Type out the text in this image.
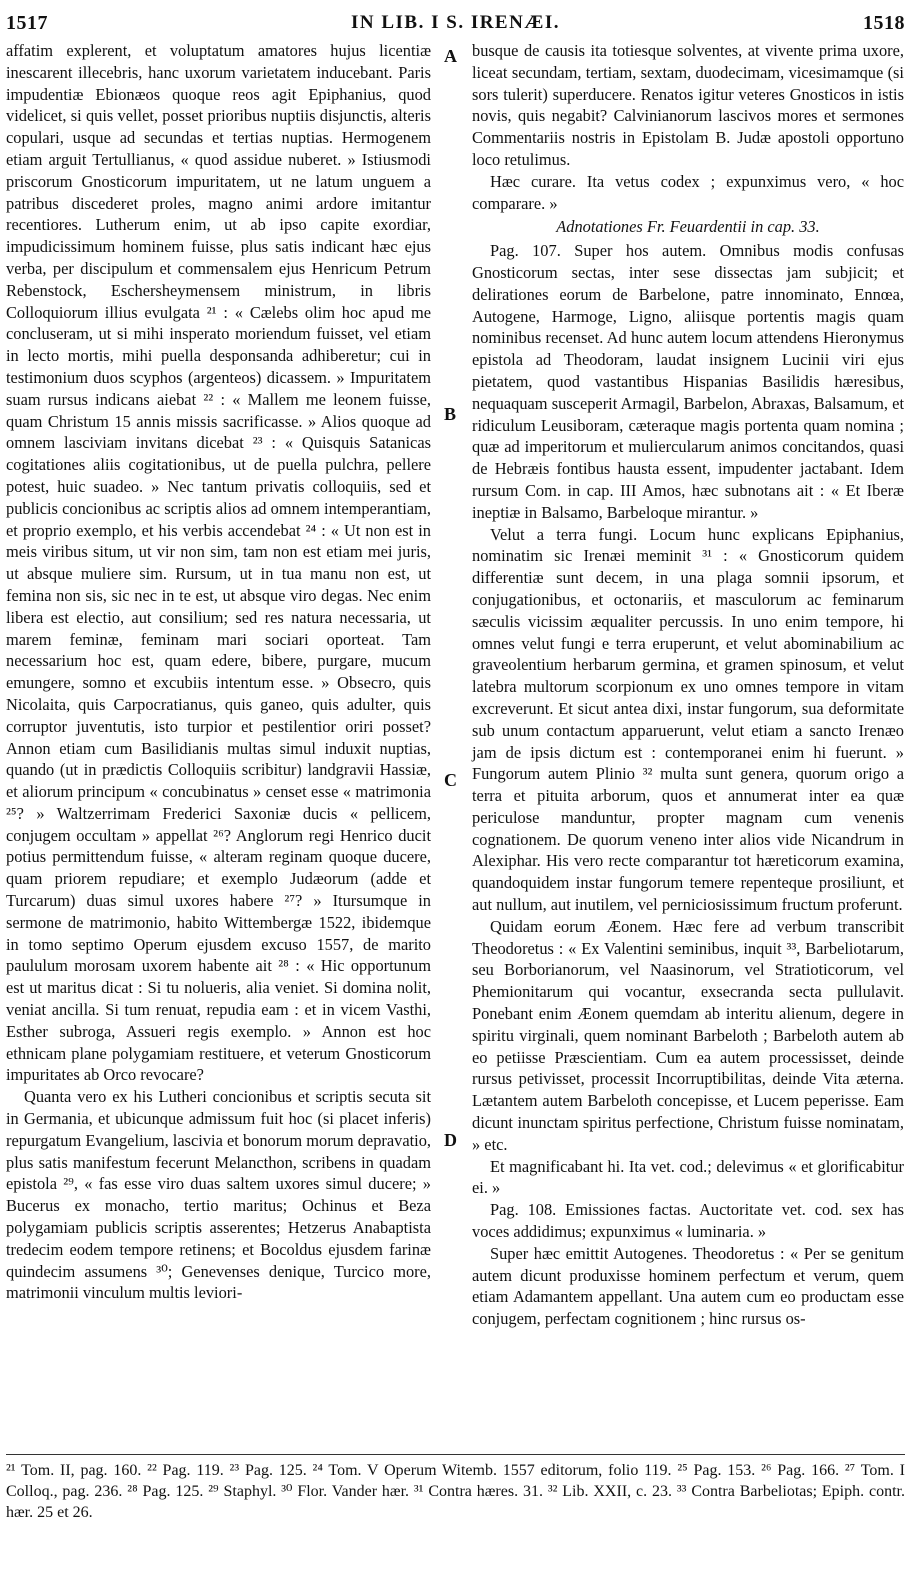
1517	IN LIB. I S. IRENÆI.	1518

affatim explerent, et voluptatum amatores hujus licentiæ inescarent illecebris, hanc uxorum varietatem inducebant. Paris impudentiæ Ebionæos quoque reos agit Epiphanius, quod videlicet, si quis vellet, posset prioribus nuptiis disjunctis, alteris copulari, usque ad secundas et tertias nuptias. Hermogenem etiam arguit Tertullianus, « quod assidue nuberet. » Istiusmodi priscorum Gnosticorum impuritatem, ut ne latum unguem a patribus discederet proles, magno animi ardore imitantur recentiores. Lutherum enim, ut ab ipso capite exordiar, impudicissimum hominem fuisse, plus satis indicant hæc ejus verba, per discipulum et commensalem ejus Henricum Petrum Rebenstock, Eschersheymensem ministrum, in libris Colloquiorum illius evulgata ²¹ : « Cælebs olim hoc apud me concluseram, ut si mihi insperato moriendum fuisset, vel etiam in lecto mortis, mihi puella desponsanda adhiberetur; cui in testimonium duos scyphos (argenteos) dicassem. » Impuritatem suam rursus indicans aiebat ²² : « Mallem me leonem fuisse, quam Christum 15 annis missis sacrificasse. » Alios quoque ad omnem lasciviam invitans dicebat ²³ : « Quisquis Satanicas cogitationes aliis cogitationibus, ut de puella pulchra, pellere potest, huic suadeo. » Nec tantum privatis colloquiis, sed et publicis concionibus ac scriptis alios ad omnem intemperantiam, et proprio exemplo, et his verbis accendebat ²⁴ : « Ut non est in meis viribus situm, ut vir non sim, tam non est etiam mei juris, ut absque muliere sim. Rursum, ut in tua manu non est, ut femina non sis, sic nec in te est, ut absque viro degas. Nec enim libera est electio, aut consilium; sed res natura necessaria, ut marem feminæ, feminam mari sociari oporteat. Tam necessarium hoc est, quam edere, bibere, purgare, mucum emungere, somno et excubiis intentum esse. » Obsecro, quis Nicolaita, quis Carpocratianus, quis ganeo, quis adulter, quis corruptor juventutis, isto turpior et pestilentior oriri posset? Annon etiam cum Basilidianis multas simul induxit nuptias, quando (ut in prædictis Colloquiis scribitur) landgravii Hassiæ, et aliorum principum « concubinatus » censet esse « matrimonia ²⁵? » Waltzerrimam Frederici Saxoniæ ducis « pellicem, conjugem occultam » appellat ²⁶? Anglorum regi Henrico ducit potius permittendum fuisse, « alteram reginam quoque ducere, quam priorem repudiare; et exemplo Judæorum (adde et Turcarum) duas simul uxores habere ²⁷? » Itursumque in sermone de matrimonio, habito Wittembergæ 1522, ibidemque in tomo septimo Operum ejusdem excuso 1557, de marito paululum morosam uxorem habente ait ²⁸ : « Hic opportunum est ut maritus dicat : Si tu nolueris, alia veniet. Si domina nolit, veniat ancilla. Si tum renuat, repudia eam : et in vicem Vasthi, Esther subroga, Assueri regis exemplo. » Annon est hoc ethnicam plane polygamiam restituere, et veterum Gnosticorum impuritates ab Orco revocare?

Quanta vero ex his Lutheri concionibus et scriptis secuta sit in Germania, et ubicunque admissum fuit hoc (si placet inferis) repurgatum Evangelium, lascivia et bonorum morum depravatio, plus satis manifestum fecerunt Melancthon, scribens in quadam epistola ²⁹, « fas esse viro duas saltem uxores simul ducere; » Bucerus ex monacho, tertio maritus; Ochinus et Beza polygamiam publicis scriptis asserentes; Hetzerus Anabaptista tredecim eodem tempore retinens; et Bocoldus ejusdem farinæ quindecim assumens ³⁰; Genevenses denique, Turcico more, matrimonii vinculum multis leviori-

A
B
C
D

busque de causis ita totiesque solventes, at vivente prima uxore, liceat secundam, tertiam, sextam, duodecimam, vicesimamque (si sors tulerit) superducere. Renatos igitur veteres Gnosticos in istis novis, quis negabit? Calvinianorum lascivos mores et sermones Commentariis nostris in Epistolam B. Judæ apostoli opportuno loco retulimus.

Hæc curare. Ita vetus codex ; expunximus vero, « hoc comparare. »

Adnotationes Fr. Feuardentii in cap. 33.

Pag. 107. Super hos autem. Omnibus modis confusas Gnosticorum sectas, inter sese dissectas jam subjicit; et delirationes eorum de Barbelone, patre innominato, Ennœa, Autogene, Harmoge, Ligno, aliisque portentis magis quam nominibus recenset. Ad hunc autem locum attendens Hieronymus epistola ad Theodoram, laudat insignem Lucinii viri ejus pietatem, quod vastantibus Hispanias Basilidis hæresibus, nequaquam susceperit Armagil, Barbelon, Abraxas, Balsamum, et ridiculum Leusiboram, cæteraque magis portenta quam nomina ; quæ ad imperitorum et muliercularum animos concitandos, quasi de Hebræis fontibus hausta essent, impudenter jactabant. Idem rursum Com. in cap. III Amos, hæc subnotans ait : « Et Iberæ ineptiæ in Balsamo, Barbeloque mirantur. »

Velut a terra fungi. Locum hunc explicans Epiphanius, nominatim sic Irenæi meminit ³¹ : « Gnosticorum quidem differentiæ sunt decem, in una plaga somnii ipsorum, et conjugationibus, et octonariis, et masculorum ac feminarum sæculis vicissim æqualiter percussis. In uno enim tempore, hi omnes velut fungi e terra eruperunt, et velut abominabilium ac graveolentium herbarum germina, et gramen spinosum, et velut latebra multorum scorpionum ex uno omnes tempore in vitam excreverunt. Et sicut antea dixi, instar fungorum, sua deformitate sub unum contactum apparuerunt, velut etiam a sancto Irenæo jam de ipsis dictum est : contemporanei enim hi fuerunt. » Fungorum autem Plinio ³² multa sunt genera, quorum origo a terra et pituita arborum, quos et annumerat inter ea quæ periculose manduntur, propter magnam cum venenis cognationem. De quorum veneno inter alios vide Nicandrum in Alexiphar. His vero recte comparantur tot hæreticorum examina, quandoquidem instar fungorum temere repenteque prosiliunt, et aut nullum, aut inutilem, vel perniciosissimum fructum proferunt.

Quidam eorum Æonem. Hæc fere ad verbum transcribit Theodoretus : « Ex Valentini seminibus, inquit ³³, Barbeliotarum, seu Borborianorum, vel Naasinorum, vel Stratioticorum, vel Phemionitarum qui vocantur, exsecranda secta pullulavit. Ponebant enim Æonem quemdam ab interitu alienum, degere in spiritu virginali, quem nominant Barbeloth ; Barbeloth autem ab eo petiisse Præscientiam. Cum ea autem processisset, deinde rursus petivisset, processit Incorruptibilitas, deinde Vita æterna. Lætantem autem Barbeloth concepisse, et Lucem peperisse. Eam dicunt inunctam spiritus perfectione, Christum fuisse nominatam, » etc.

Et magnificabant hi. Ita vet. cod.; delevimus « et glorificabitur ei. »

Pag. 108. Emissiones factas. Auctoritate vet. cod. sex has voces addidimus; expunximus « luminaria. »

Super hæc emittit Autogenes. Theodoretus : « Per se genitum autem dicunt produxisse hominem perfectum et verum, quem etiam Adamantem appellant. Una autem cum eo productam esse conjugem, perfectam cognitionem ; hinc rursus os-

²¹ Tom. II, pag. 160. ²² Pag. 119. ²³ Pag. 125. ²⁴ Tom. V Operum Witemb. 1557 editorum, folio 119. ²⁵ Pag. 153. ²⁶ Pag. 166. ²⁷ Tom. I Colloq., pag. 236. ²⁸ Pag. 125. ²⁹ Staphyl. ³⁰ Flor. Vander hær. ³¹ Contra hæres. 31. ³² Lib. XXII, c. 23. ³³ Contra Barbeliotas; Epiph. contr. hær. 25 et 26.
